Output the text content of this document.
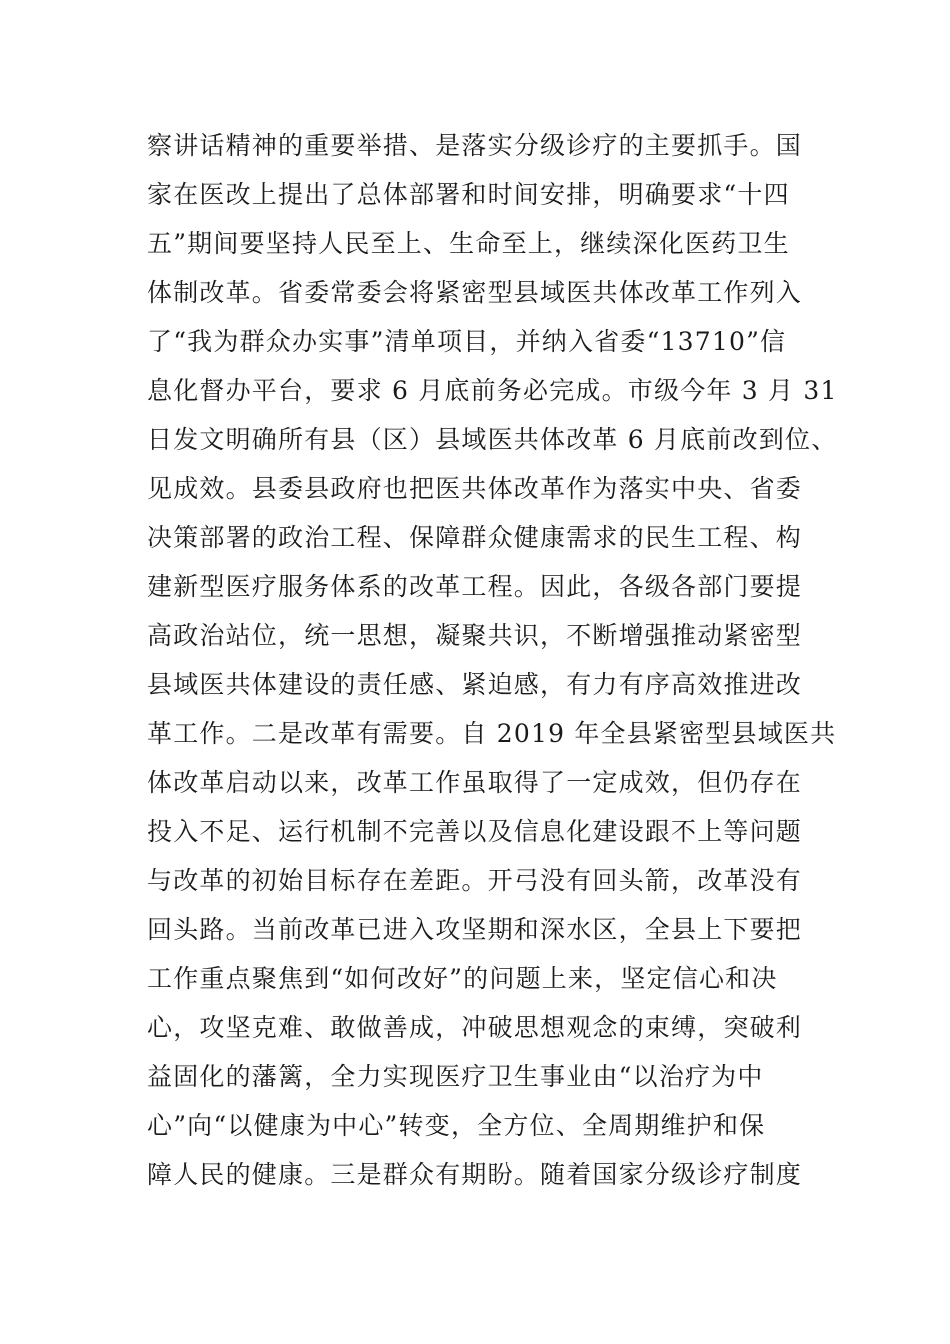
察讲话精神的重要举措、是落实分级诊疗的主要抓手。国
家在医改上提出了总体部署和时间安排，明确要求“十四
五”期间要坚持人民至上、生命至上，继续深化医药卫生
体制改革。省委常委会将紧密型县域医共体改革工作列入
了“我为群众办实事”清单项目，并纳入省委“13710”信
息化督办平台，要求 6 月底前务必完成。市级今年 3 月 31
日发文明确所有县（区）县域医共体改革 6 月底前改到位、
见成效。县委县政府也把医共体改革作为落实中央、省委
决策部署的政治工程、保障群众健康需求的民生工程、构
建新型医疗服务体系的改革工程。因此，各级各部门要提
高政治站位，统一思想，凝聚共识，不断增强推动紧密型
县域医共体建设的责任感、紧迫感，有力有序高效推进改
革工作。二是改革有需要。自 2019 年全县紧密型县域医共
体改革启动以来，改革工作虽取得了一定成效，但仍存在
投入不足、运行机制不完善以及信息化建设跟不上等问题
与改革的初始目标存在差距。开弓没有回头箭，改革没有
回头路。当前改革已进入攻坚期和深水区，全县上下要把
工作重点聚焦到“如何改好”的问题上来，坚定信心和决
心，攻坚克难、敢做善成，冲破思想观念的束缚，突破利
益固化的藩篱，全力实现医疗卫生事业由“以治疗为中
心”向“以健康为中心”转变，全方位、全周期维护和保
障人民的健康。三是群众有期盼。随着国家分级诊疗制度
